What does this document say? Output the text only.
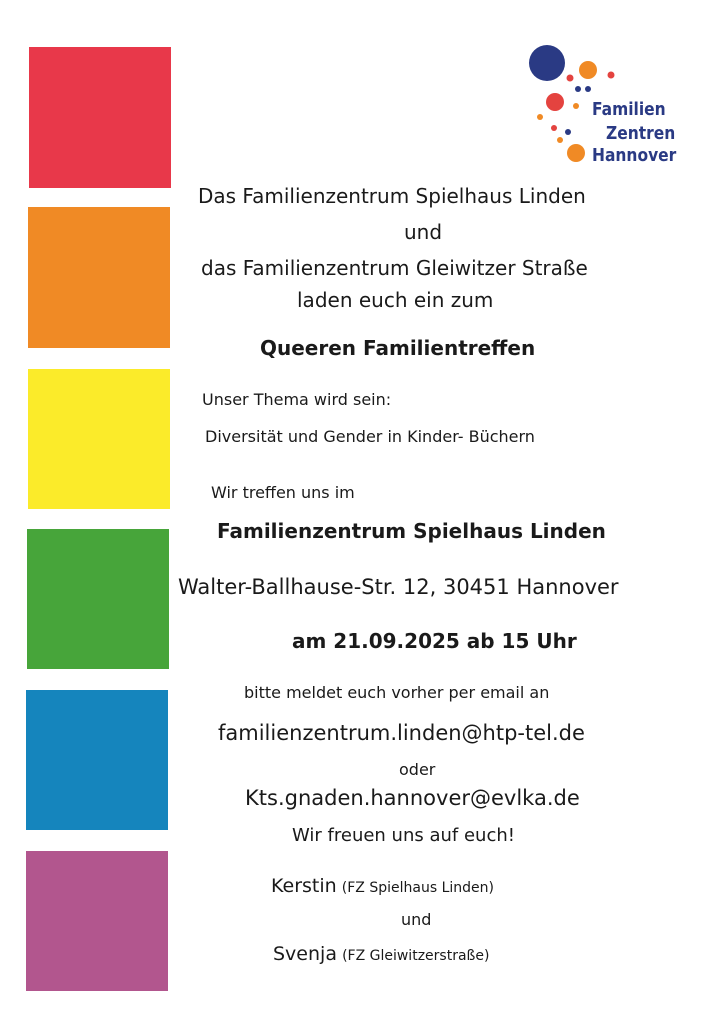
Familien
Zentren
Hannover
Das Familienzentrum Spielhaus Linden
und
das Familienzentrum Gleiwitzer Straße
laden euch ein zum
Queeren Familientreffen
Unser Thema wird sein:
Diversität und Gender in Kinder- Büchern
Wir treffen uns im
Familienzentrum Spielhaus Linden
Walter-Ballhause-Str. 12, 30451 Hannover
am 21.09.2025 ab 15 Uhr
bitte meldet euch vorher per email an
familienzentrum.linden@htp-tel.de
oder
Kts.gnaden.hannover@evlka.de
Wir freuen uns auf euch!
Kerstin (FZ Spielhaus Linden)
und
Svenja (FZ Gleiwitzerstraße)
